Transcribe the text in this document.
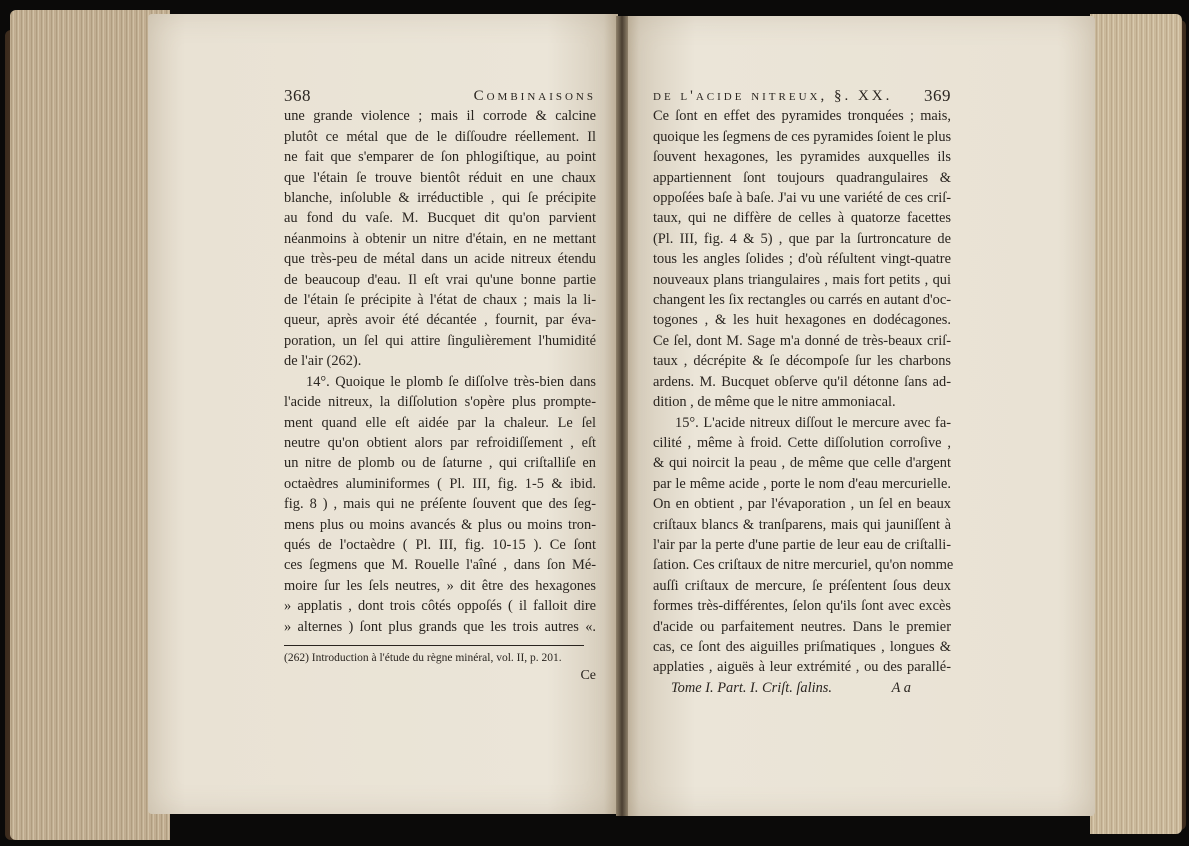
368	Combinaisons
une grande violence ; mais il corrode & calcine
plutôt ce métal que de le diſſoudre réellement. Il
ne fait que s'emparer de ſon phlogiſtique, au point
que l'étain ſe trouve bientôt réduit en une chaux
blanche, inſoluble & irréductible , qui ſe précipite
au fond du vaſe. M. Bucquet dit qu'on parvient
néanmoins à obtenir un nitre d'étain, en ne mettant
que très-peu de métal dans un acide nitreux étendu
de beaucoup d'eau. Il eſt vrai qu'une bonne partie
de l'étain ſe précipite à l'état de chaux ; mais la li-
queur, après avoir été décantée , fournit, par éva-
poration, un ſel qui attire ſingulièrement l'humidité
de l'air (262).
14°. Quoique le plomb ſe diſſolve très-bien dans
l'acide nitreux, la diſſolution s'opère plus prompte-
ment quand elle eſt aidée par la chaleur. Le ſel
neutre qu'on obtient alors par refroidiſſement , eſt
un nitre de plomb ou de ſaturne , qui criſtalliſe en
octaèdres aluminiformes ( Pl. III, fig. 1-5 & ibid.
fig. 8 ) , mais qui ne préſente ſouvent que des ſeg-
mens plus ou moins avancés & plus ou moins tron-
qués de l'octaèdre ( Pl. III, fig. 10-15 ). Ce ſont
ces ſegmens que M. Rouelle l'aîné , dans ſon Mé-
moire ſur les ſels neutres, » dit être des hexagones
» applatis , dont trois côtés oppoſés ( il falloit dire
» alternes ) ſont plus grands que les trois autres «.
(262) Introduction à l'étude du règne minéral, vol. II, p. 201.
Ce
de l'acide nitreux, §. XX. 369
Ce ſont en effet des pyramides tronquées ; mais,
quoique les ſegmens de ces pyramides ſoient le plus
ſouvent hexagones, les pyramides auxquelles ils
appartiennent ſont toujours quadrangulaires &
oppoſées baſe à baſe. J'ai vu une variété de ces criſ-
taux, qui ne diffère de celles à quatorze facettes
(Pl. III, fig. 4 & 5) , que par la ſurtroncature de
tous les angles ſolides ; d'où réſultent vingt-quatre
nouveaux plans triangulaires , mais fort petits , qui
changent les ſix rectangles ou carrés en autant d'oc-
togones , & les huit hexagones en dodécagones.
Ce ſel, dont M. Sage m'a donné de très-beaux criſ-
taux , décrépite & ſe décompoſe ſur les charbons
ardens. M. Bucquet obſerve qu'il détonne ſans ad-
dition , de même que le nitre ammoniacal.
15°. L'acide nitreux diſſout le mercure avec fa-
cilité , même à froid. Cette diſſolution corroſive ,
& qui noircit la peau , de même que celle d'argent
par le même acide , porte le nom d'eau mercurielle.
On en obtient , par l'évaporation , un ſel en beaux
criſtaux blancs & tranſparens, mais qui jauniſſent à
l'air par la perte d'une partie de leur eau de criſtalli-
ſation. Ces criſtaux de nitre mercuriel, qu'on nomme
auſſi criſtaux de mercure, ſe préſentent ſous deux
formes très-différentes, ſelon qu'ils ſont avec excès
d'acide ou parfaitement neutres. Dans le premier
cas, ce ſont des aiguilles priſmatiques , longues &
applaties , aiguës à leur extrémité , ou des parallé-
Tome I. Part. I. Criſt. ſalins.	A a
